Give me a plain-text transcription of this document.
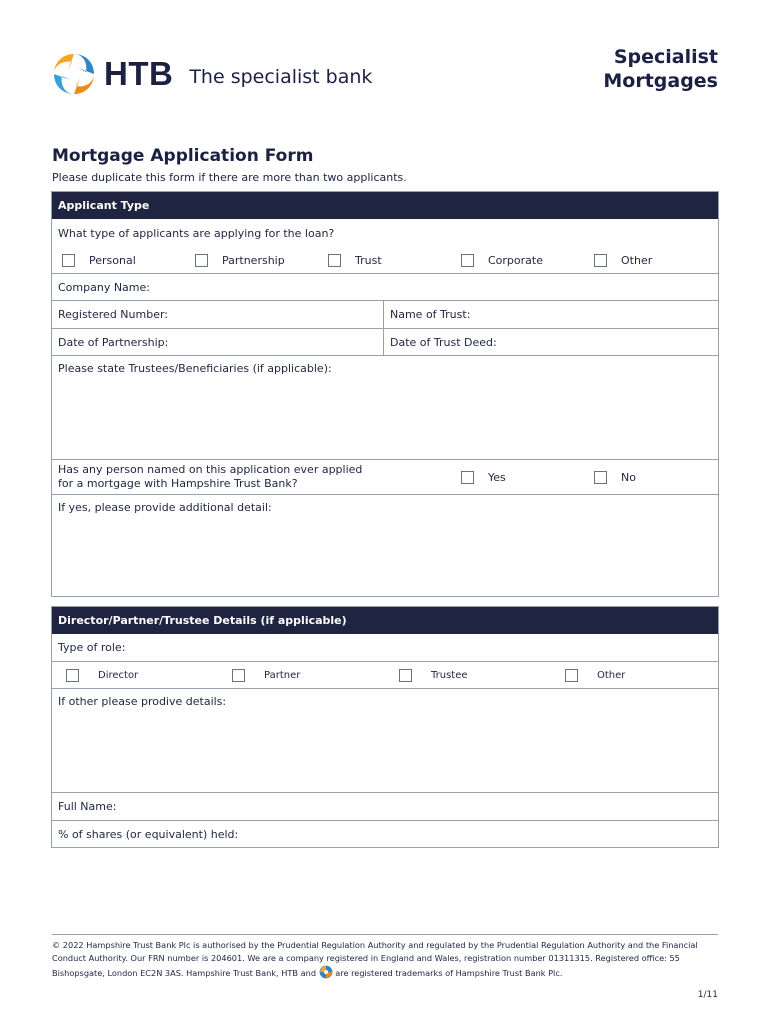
HTB The specialist bank
Specialist
Mortgages
Mortgage Application Form
Please duplicate this form if there are more than two applicants.
Applicant Type
What type of applicants are applying for the loan?
Personal	Partnership	Trust	Corporate	Other
Company Name:
Registered Number:	Name of Trust:
Date of Partnership:	Date of Trust Deed:
Please state Trustees/Beneficiaries (if applicable):
Has any person named on this application ever applied
for a mortgage with Hampshire Trust Bank?	Yes	No
If yes, please provide additional detail:
Director/Partner/Trustee Details (if applicable)
Type of role:
Director	Partner	Trustee	Other
If other please prodive details:
Full Name:
% of shares (or equivalent) held:
© 2022 Hampshire Trust Bank Plc is authorised by the Prudential Regulation Authority and regulated by the Prudential Regulation Authority and the Financial Conduct Authority. Our FRN number is 204601. We are a company registered in England and Wales, registration number 01311315. Registered office: 55 Bishopsgate, London EC2N 3AS. Hampshire Trust Bank, HTB and are registered trademarks of Hampshire Trust Bank Plc.
1/11
